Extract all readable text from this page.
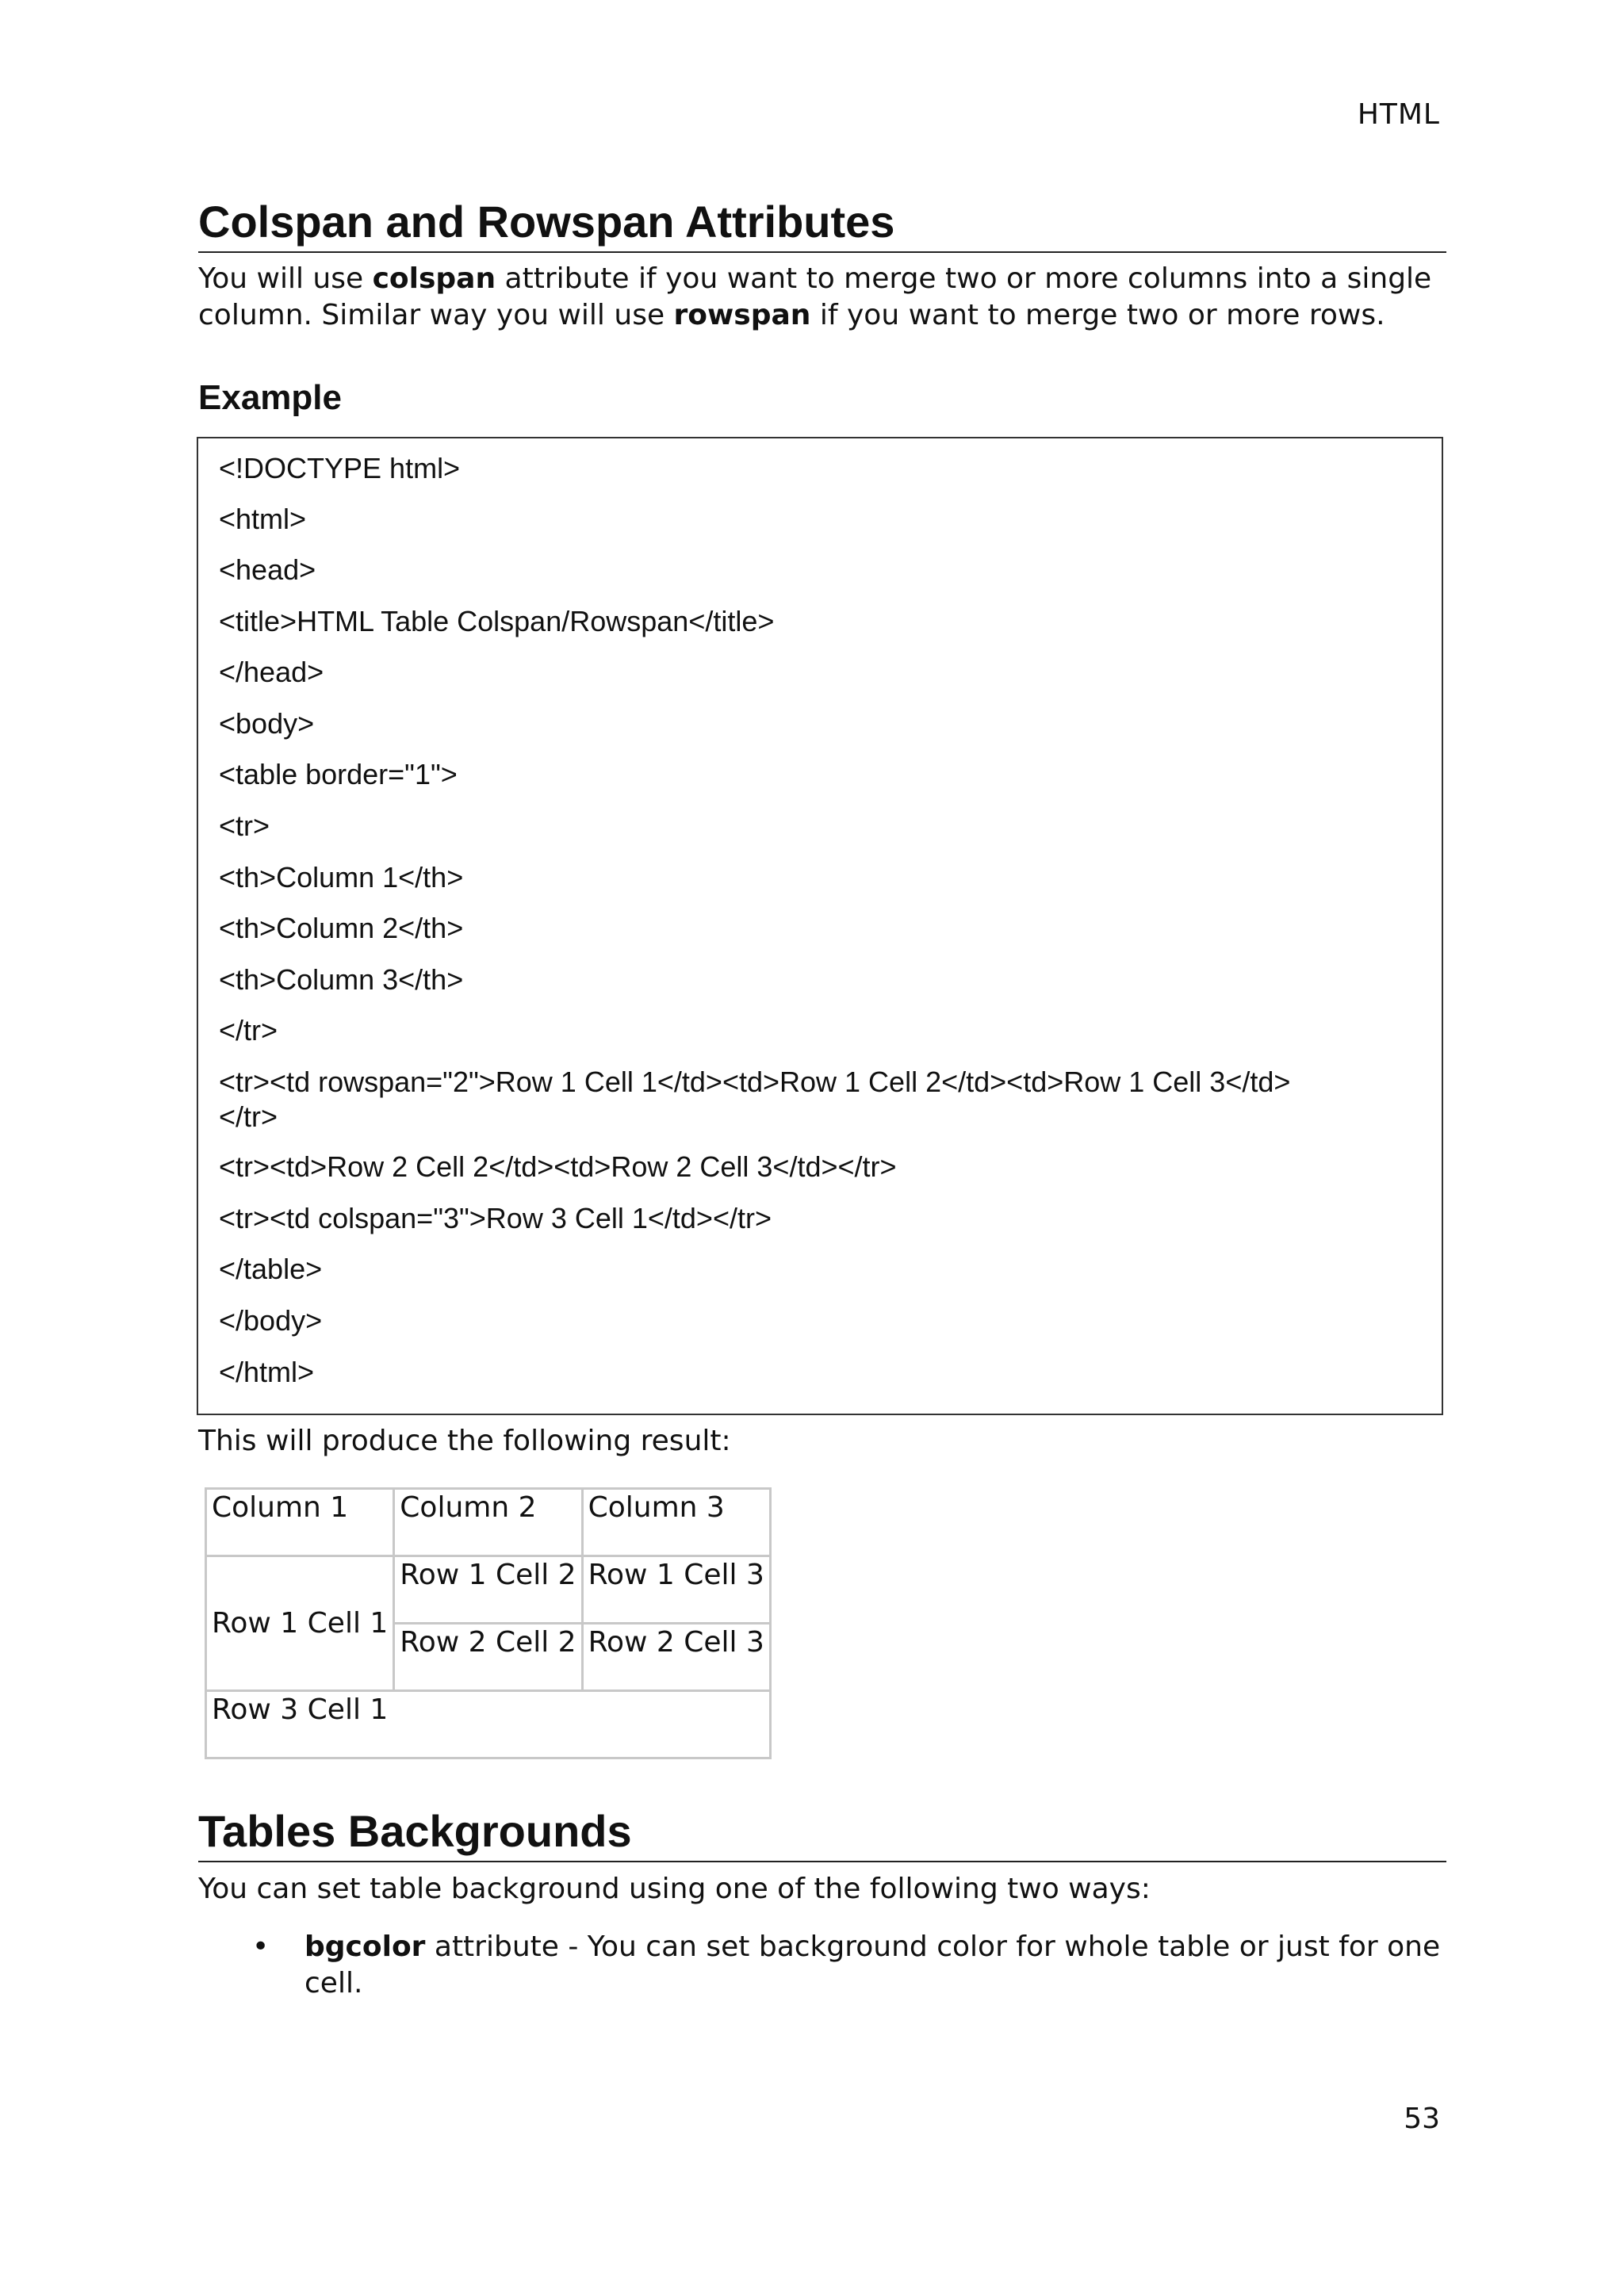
HTML
Colspan and Rowspan Attributes
You will use colspan attribute if you want to merge two or more columns into a single column. Similar way you will use rowspan if you want to merge two or more rows.
Example
<!DOCTYPE html>
<html>
<head>
<title>HTML Table Colspan/Rowspan</title>
</head>
<body>
<table border="1">
<tr>
<th>Column 1</th>
<th>Column 2</th>
<th>Column 3</th>
</tr>
<tr><td rowspan="2">Row 1 Cell 1</td><td>Row 1 Cell 2</td><td>Row 1 Cell 3</td></tr>
<tr><td>Row 2 Cell 2</td><td>Row 2 Cell 3</td></tr>
<tr><td colspan="3">Row 3 Cell 1</td></tr>
</table>
</body>
</html>
This will produce the following result:
Column 1	Column 2	Column 3
Row 1 Cell 1	Row 1 Cell 2	Row 1 Cell 3
	Row 2 Cell 2	Row 2 Cell 3
Row 3 Cell 1		
Tables Backgrounds
You can set table background using one of the following two ways:
• bgcolor attribute - You can set background color for whole table or just for one cell.
53
